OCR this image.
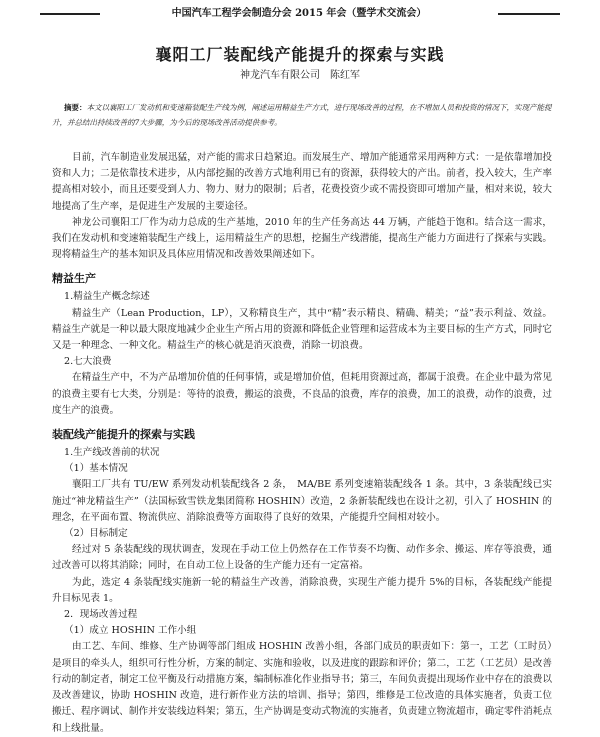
中国汽车工程学会制造分会 2015 年会（暨学术交流会）
襄阳工厂装配线产能提升的探索与实践
神龙汽车有限公司　陈红军
摘要：本文以襄阳工厂发动机和变速箱装配生产线为例，阐述运用精益生产方式，进行现场改善的过程，在不增加人员和投资的情况下，实现产能提升，并总结出持续改善的7大步骤，为今后的现场改善活动提供参考。

目前，汽车制造业发展迅猛，对产能的需求日趋紧迫。而发展生产、增加产能通常采用两种方式：一是依靠增加投资和人力；二是依靠技术进步，从内部挖掘的改善方式地利用已有的资源，获得较大的产出。前者，投入较大，生产率提高相对较小，而且还要受到人力、物力、财力的限制；后者，花费投资少或不需投资即可增加产量，相对来说，较大地提高了生产率，是促进生产发展的主要途径。

神龙公司襄阳工厂作为动力总成的生产基地，2010 年的生产任务高达 44 万辆，产能趋于饱和。结合这一需求，我们在发动机和变速箱装配生产线上，运用精益生产的思想，挖掘生产线潜能，提高生产能力方面进行了探索与实践。现将精益生产的基本知识及具体应用情况和改善效果阐述如下。

精益生产
1.精益生产概念综述

精益生产（Lean Production，LP），又称精良生产，其中“精”表示精良、精确、精美；“益”表示利益、效益。精益生产就是一种以最大限度地减少企业生产所占用的资源和降低企业管理和运营成本为主要目标的生产方式，同时它又是一种理念、一种文化。精益生产的核心就是消灭浪费，消除一切浪费。

2.七大浪费

在精益生产中，不为产品增加价值的任何事情，或是增加价值，但耗用资源过高，都属于浪费。在企业中最为常见的浪费主要有七大类，分别是：等待的浪费，搬运的浪费，不良品的浪费，库存的浪费，加工的浪费，动作的浪费，过度生产的浪费。

装配线产能提升的探索与实践
1.生产线改善前的状况
（1）基本情况

襄阳工厂共有 TU/EW 系列发动机装配线各 2 条，　MA/BE 系列变速箱装配线各 1 条。其中，3 条装配线已实施过“神龙精益生产”（法国标致雪铁龙集团简称 HOSHIN）改造，2 条新装配线也在设计之初，引入了 HOSHIN 的理念，在平面布置、物流供应、消除浪费等方面取得了良好的效果，产能提升空间相对较小。

（2）目标制定

经过对 5 条装配线的现状调查，发现在手动工位上仍然存在工作节奏不均衡、动作多余、搬运、库存等浪费，通过改善可以将其消除；同时，在自动工位上设备的生产能力还有一定富裕。

为此，选定 4 条装配线实施新一轮的精益生产改善，消除浪费，实现生产能力提升 5%的目标，各装配线产能提升目标见表 1。

2．现场改善过程
（1）成立 HOSHIN 工作小组

由工艺、车间、维修、生产协调等部门组成 HOSHIN 改善小组，各部门成员的职责如下：第一，工艺（工时员）是项目的牵头人，组织可行性分析，方案的制定、实施和验收，以及进度的跟踪和评价；第二，工艺（工艺员）是改善行动的制定者，制定工位平衡及行动措施方案，编制标准化作业指导书；第三，车间负责提出现场作业中存在的浪费以及改善建议，协助 HOSHIN 改造，进行新作业方法的培训、指导；第四，维修是工位改造的具体实施者，负责工位搬迁、程序调试、制作并安装线边料架；第五，生产协调是变动式物流的实施者，负责建立物流超市，确定零件消耗点和上线批量。
